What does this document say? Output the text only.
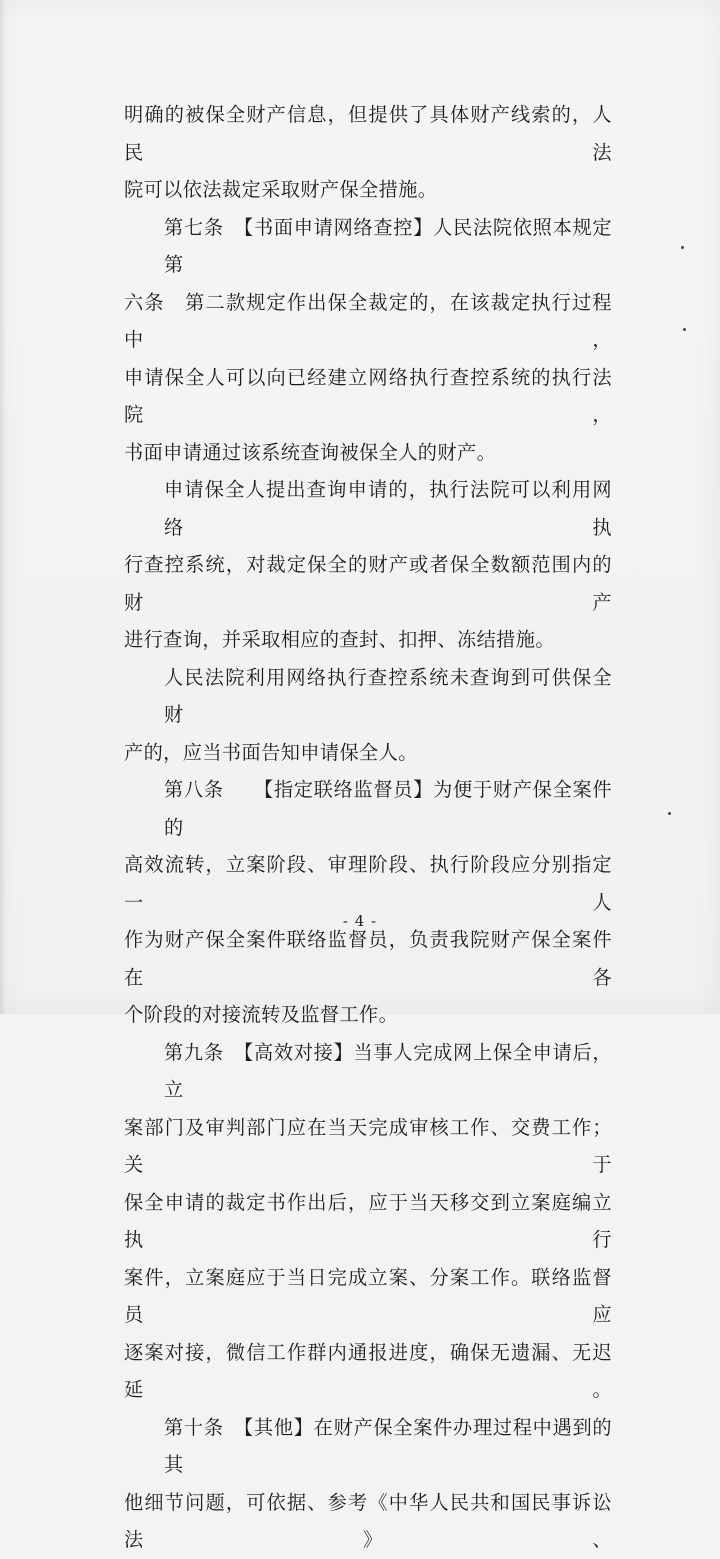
明确的被保全财产信息，但提供了具体财产线索的，人民法

院可以依法裁定采取财产保全措施。

第七条　【书面申请网络查控】人民法院依照本规定第

六条　第二款规定作出保全裁定的，在该裁定执行过程中，

申请保全人可以向已经建立网络执行查控系统的执行法院，

书面申请通过该系统查询被保全人的财产。

申请保全人提出查询申请的，执行法院可以利用网络执

行查控系统，对裁定保全的财产或者保全数额范围内的财产

进行查询，并采取相应的查封、扣押、冻结措施。

人民法院利用网络执行查控系统未查询到可供保全财

产的，应当书面告知申请保全人。

第八条　　【指定联络监督员】为便于财产保全案件的

高效流转，立案阶段、审理阶段、执行阶段应分别指定一人

作为财产保全案件联络监督员，负责我院财产保全案件在各

个阶段的对接流转及监督工作。

第九条　【高效对接】当事人完成网上保全申请后，立

案部门及审判部门应在当天完成审核工作、交费工作；关于

保全申请的裁定书作出后，应于当天移交到立案庭编立执行

案件，立案庭应于当日完成立案、分案工作。联络监督员应

逐案对接，微信工作群内通报进度，确保无遗漏、无迟延。

第十条　【其他】在财产保全案件办理过程中遇到的其

他细节问题，可依据、参考《中华人民共和国民事诉讼法》、

- 4 -
